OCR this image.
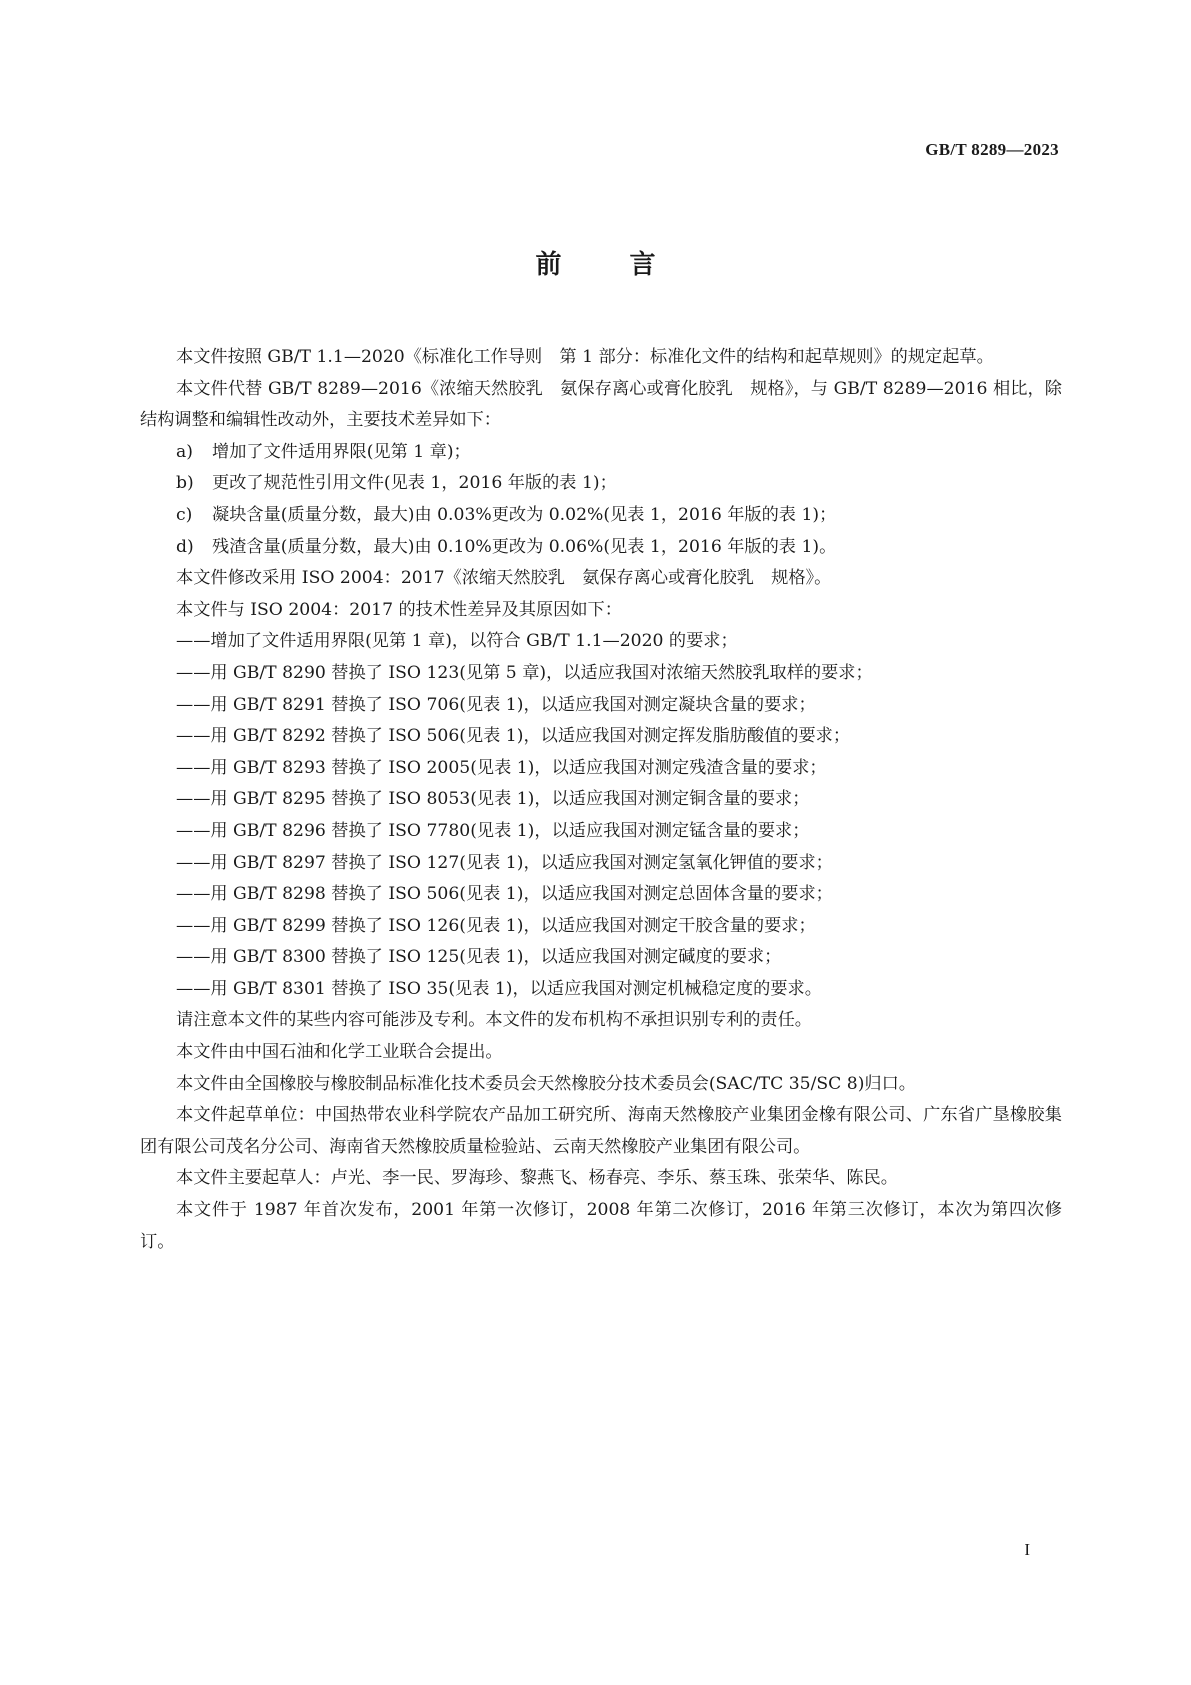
GB/T 8289—2023
前	言

本文件按照 GB/T 1.1—2020《标准化工作导则　第 1 部分：标准化文件的结构和起草规则》的规定起草。

本文件代替 GB/T 8289—2016《浓缩天然胶乳　氨保存离心或膏化胶乳　规格》，与 GB/T 8289—2016 相比，除结构调整和编辑性改动外，主要技术差异如下：

a) 增加了文件适用界限(见第 1 章)；

b) 更改了规范性引用文件(见表 1，2016 年版的表 1)；

c) 凝块含量(质量分数，最大)由 0.03%更改为 0.02%(见表 1，2016 年版的表 1)；

d) 残渣含量(质量分数，最大)由 0.10%更改为 0.06%(见表 1，2016 年版的表 1)。

本文件修改采用 ISO 2004：2017《浓缩天然胶乳　氨保存离心或膏化胶乳　规格》。

本文件与 ISO 2004：2017 的技术性差异及其原因如下：

——增加了文件适用界限(见第 1 章)，以符合 GB/T 1.1—2020 的要求；

——用 GB/T 8290 替换了 ISO 123(见第 5 章)，以适应我国对浓缩天然胶乳取样的要求；

——用 GB/T 8291 替换了 ISO 706(见表 1)，以适应我国对测定凝块含量的要求；

——用 GB/T 8292 替换了 ISO 506(见表 1)，以适应我国对测定挥发脂肪酸值的要求；

——用 GB/T 8293 替换了 ISO 2005(见表 1)，以适应我国对测定残渣含量的要求；

——用 GB/T 8295 替换了 ISO 8053(见表 1)，以适应我国对测定铜含量的要求；

——用 GB/T 8296 替换了 ISO 7780(见表 1)，以适应我国对测定锰含量的要求；

——用 GB/T 8297 替换了 ISO 127(见表 1)，以适应我国对测定氢氧化钾值的要求；

——用 GB/T 8298 替换了 ISO 506(见表 1)，以适应我国对测定总固体含量的要求；

——用 GB/T 8299 替换了 ISO 126(见表 1)，以适应我国对测定干胶含量的要求；

——用 GB/T 8300 替换了 ISO 125(见表 1)，以适应我国对测定碱度的要求；

——用 GB/T 8301 替换了 ISO 35(见表 1)，以适应我国对测定机械稳定度的要求。

请注意本文件的某些内容可能涉及专利。本文件的发布机构不承担识别专利的责任。

本文件由中国石油和化学工业联合会提出。

本文件由全国橡胶与橡胶制品标准化技术委员会天然橡胶分技术委员会(SAC/TC 35/SC 8)归口。

本文件起草单位：中国热带农业科学院农产品加工研究所、海南天然橡胶产业集团金橡有限公司、广东省广垦橡胶集团有限公司茂名分公司、海南省天然橡胶质量检验站、云南天然橡胶产业集团有限公司。

本文件主要起草人：卢光、李一民、罗海珍、黎燕飞、杨春亮、李乐、蔡玉珠、张荣华、陈民。

本文件于 1987 年首次发布，2001 年第一次修订，2008 年第二次修订，2016 年第三次修订，本次为第四次修订。

I
